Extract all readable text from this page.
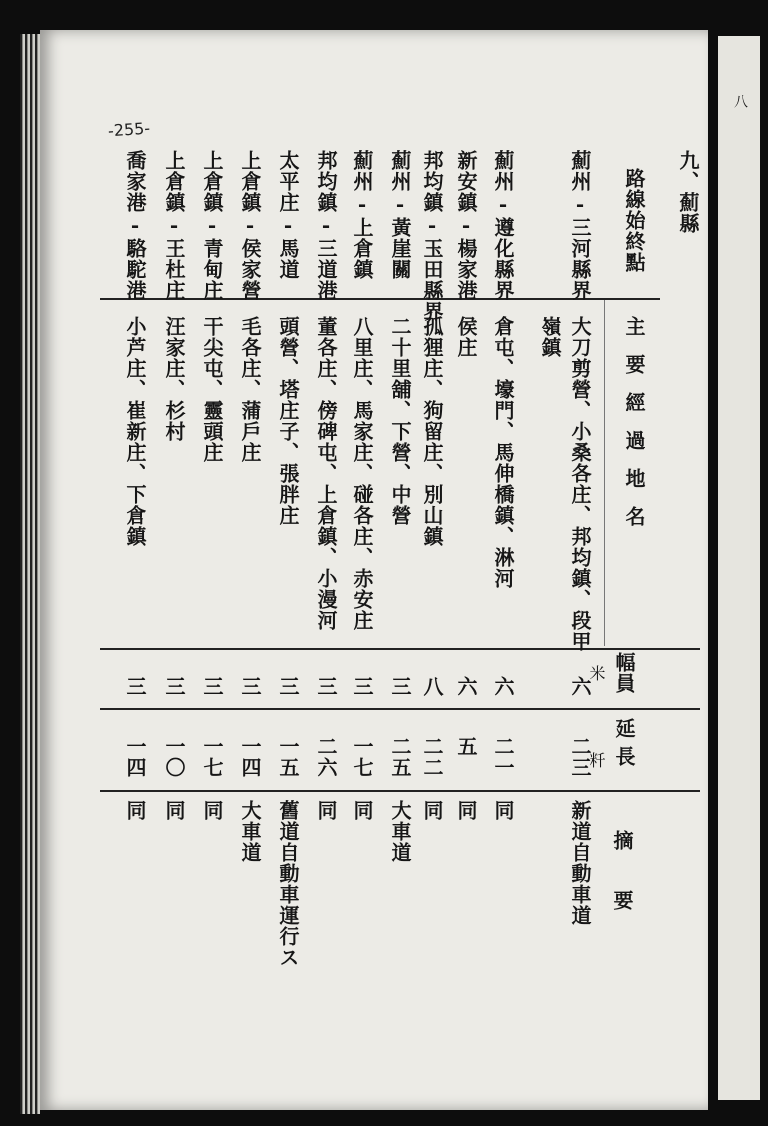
八
-255-
九、薊縣
路線始終點
主要經過地名
幅員
米
延長
粁
摘要
薊州-三河縣界
大刀剪營、小桑各庄、邦均鎮、段甲
嶺鎮
六
二三
新道自動車道
薊州-遵化縣界
倉屯、壕門、馬伸橋鎮、淋河
六
二一
同
新安鎮-楊家港
侯庄
六
五
同
邦均鎮-玉田縣界
孤狸庄、狗留庄、別山鎮
八
二二
同
薊州-黃崖關
二十里舖、下營、中營
三
二五
大車道
薊州-上倉鎮
八里庄、馬家庄、碰各庄、赤安庄
三
一七
同
邦均鎮-三道港
董各庄、傍碑屯、上倉鎮、小漫河
三
二六
同
太平庄-馬道
頭營、塔庄子、張胖庄
三
一五
舊道自動車運行ス
上倉鎮-侯家營
毛各庄、蒲戶庄
三
一四
大車道
上倉鎮-青甸庄
干尖屯、靈頭庄
三
一七
同
上倉鎮-王杜庄
汪家庄、杉村
三
一〇
同
喬家港-駱駝港
小芦庄、崔新庄、下倉鎮
三
一四
同
